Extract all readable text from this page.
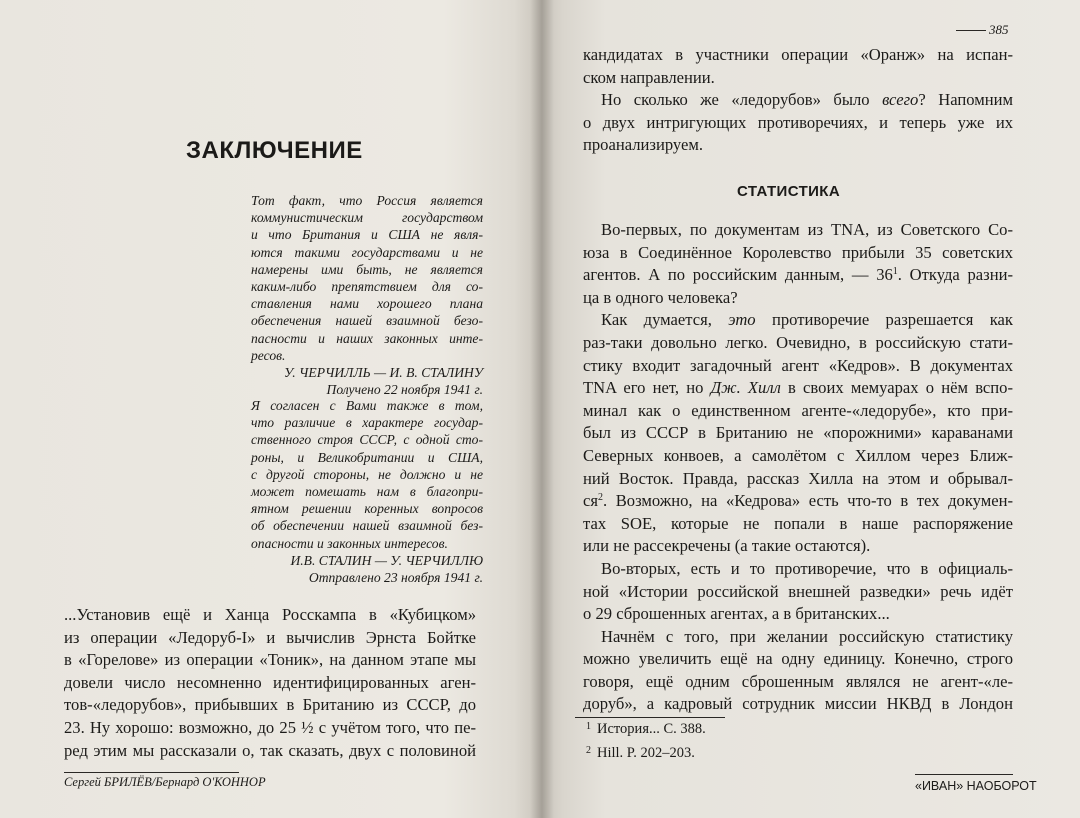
ЗАКЛЮЧЕНИЕ
Тот факт, что Россия является
коммунистическим государством
и что Британия и США не явля-
ются такими государствами и не
намерены ими быть, не является
каким-либо препятствием для со-
ставления нами хорошего плана
обеспечения нашей взаимной безо-
пасности и наших законных инте-
ресов.
У. ЧЕРЧИЛЛЬ — И. В. СТАЛИНУ
Получено 22 ноября 1941 г.
Я согласен с Вами также в том,
что различие в характере государ-
ственного строя СССР, с одной сто-
роны, и Великобритании и США,
с другой стороны, не должно и не
может помешать нам в благопри-
ятном решении коренных вопросов
об обеспечении нашей взаимной без-
опасности и законных интересов.
И.В. СТАЛИН — У. ЧЕРЧИЛЛЮ
Отправлено 23 ноября 1941 г.
...Установив ещё и Ханца Росскампа в «Кубицком»
из операции «Ледоруб-I» и вычислив Эрнста Бойтке
в «Горелове» из операции «Тоник», на данном этапе мы
довели число несомненно идентифицированных аген-
тов-«ледорубов», прибывших в Британию из СССР, до
23. Ну хорошо: возможно, до 25 ½ с учётом того, что пе-
ред этим мы рассказали о, так сказать, двух с половиной
Сергей БРИЛЁВ/Бернард О'КОННОР
385
кандидатах в участники операции «Оранж» на испан-
ском направлении.
Но сколько же «ледорубов» было всего? Напомним
о двух интригующих противоречиях, и теперь уже их
проанализируем.
СТАТИСТИКА
Во-первых, по документам из TNA, из Советского Со-
юза в Соединённое Королевство прибыли 35 советских
агентов. А по российским данным, — $36^1$. Откуда разни-
ца в одного человека?
Как думается, это противоречие разрешается как
раз-таки довольно легко. Очевидно, в российскую стати-
стику входит загадочный агент «Кедров». В документах
TNA его нет, но Дж. Хилл в своих мемуарах о нём вспо-
минал как о единственном агенте-«ледорубе», кто при-
был из СССР в Британию не «порожними» караванами
Северных конвоев, а самолётом с Хиллом через Ближ-
ний Восток. Правда, рассказ Хилла на этом и обрывал-
$ся^2$. Возможно, на «Кедрова» есть что-то в тех докумен-
тах SOE, которые не попали в наше распоряжение
или не рассекречены (а такие остаются).
Во-вторых, есть и то противоречие, что в официаль-
ной «Истории российской внешней разведки» речь идёт
о 29 сброшенных агентах, а в британских...
Начнём с того, при желании российскую статистику
можно увеличить ещё на одну единицу. Конечно, строго
говоря, ещё одним сброшенным являлся не агент-«ле-
доруб», а кадровый сотрудник миссии НКВД в Лондон
$^1$ История... С. 388.
$^2$ Hill. P. 202–203.
«ИВАН» НАОБОРОТ
